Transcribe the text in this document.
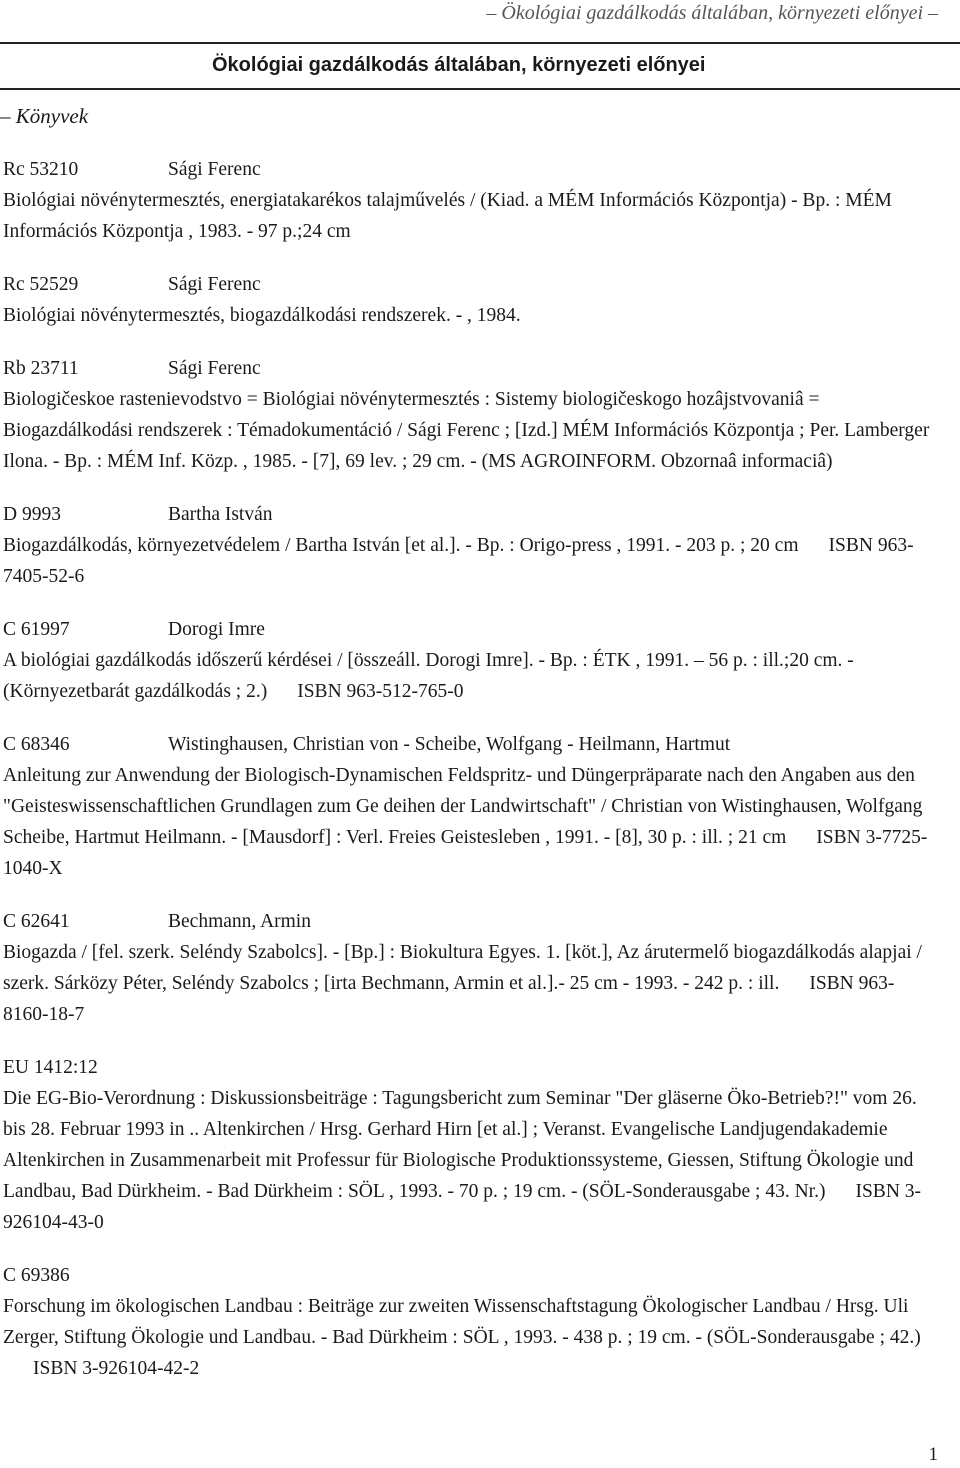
– Ökológiai gazdálkodás általában, környezeti előnyei –
Ökológiai gazdálkodás általában, környezeti előnyei
– Könyvek
Rc 53210	Sági Ferenc
Biológiai növénytermesztés, energiatakarékos talajművelés / (Kiad. a MÉM Információs Központja) - Bp. : MÉM Információs Központja , 1983. - 97 p.;24 cm
Rc 52529	Sági Ferenc
Biológiai növénytermesztés, biogazdálkodási rendszerek. - , 1984.
Rb 23711	Sági Ferenc
Biologičeskoe rastenievodstvo = Biológiai növénytermesztés : Sistemy biologičeskogo hozâjstvovaniâ = Biogazdálkodási rendszerek : Témadokumentáció / Sági Ferenc ; [Izd.] MÉM Információs Központja ; Per. Lamberger Ilona. - Bp. : MÉM Inf. Közp. , 1985. - [7], 69 lev. ; 29 cm. - (MS AGROINFORM. Obzornaâ informaciâ)
D 9993	Bartha István
Biogazdálkodás, környezetvédelem / Bartha István [et al.]. - Bp. : Origo-press , 1991. - 203 p. ; 20 cm ISBN 963-7405-52-6
C 61997	Dorogi Imre
A biológiai gazdálkodás időszerű kérdései / [összeáll. Dorogi Imre]. - Bp. : ÉTK , 1991. – 56 p. : ill.;20 cm. - (Környezetbarát gazdálkodás ; 2.) ISBN 963-512-765-0
C 68346	Wistinghausen, Christian von - Scheibe, Wolfgang - Heilmann, Hartmut
Anleitung zur Anwendung der Biologisch-Dynamischen Feldspritz- und Düngerpräparate nach den Angaben aus den "Geisteswissenschaftlichen Grundlagen zum Ge deihen der Landwirtschaft" / Christian von Wistinghausen, Wolfgang Scheibe, Hartmut Heilmann. - [Mausdorf] : Verl. Freies Geistesleben , 1991. - [8], 30 p. : ill. ; 21 cm ISBN 3-7725-1040-X
C 62641	Bechmann, Armin
Biogazda / [fel. szerk. Seléndy Szabolcs]. - [Bp.] : Biokultura Egyes. 1. [köt.], Az árutermelő biogazdálkodás alapjai / szerk. Sárközy Péter, Seléndy Szabolcs ; [irta Bechmann, Armin et al.].- 25 cm - 1993. - 242 p. : ill. ISBN 963-8160-18-7
EU 1412:12
Die EG-Bio-Verordnung : Diskussionsbeiträge : Tagungsbericht zum Seminar "Der gläserne Öko-Betrieb?!" vom 26. bis 28. Februar 1993 in .. Altenkirchen / Hrsg. Gerhard Hirn [et al.] ; Veranst. Evangelische Landjugendakademie Altenkirchen in Zusammenarbeit mit Professur für Biologische Produktionssysteme, Giessen, Stiftung Ökologie und Landbau, Bad Dürkheim. - Bad Dürkheim : SÖL , 1993. - 70 p. ; 19 cm. - (SÖL-Sonderausgabe ; 43. Nr.) ISBN 3-926104-43-0
C 69386
Forschung im ökologischen Landbau : Beiträge zur zweiten Wissenschaftstagung Ökologischer Landbau / Hrsg. Uli Zerger, Stiftung Ökologie und Landbau. - Bad Dürkheim : SÖL , 1993. - 438 p. ; 19 cm. - (SÖL-Sonderausgabe ; 42.)ISBN 3-926104-42-2
1
